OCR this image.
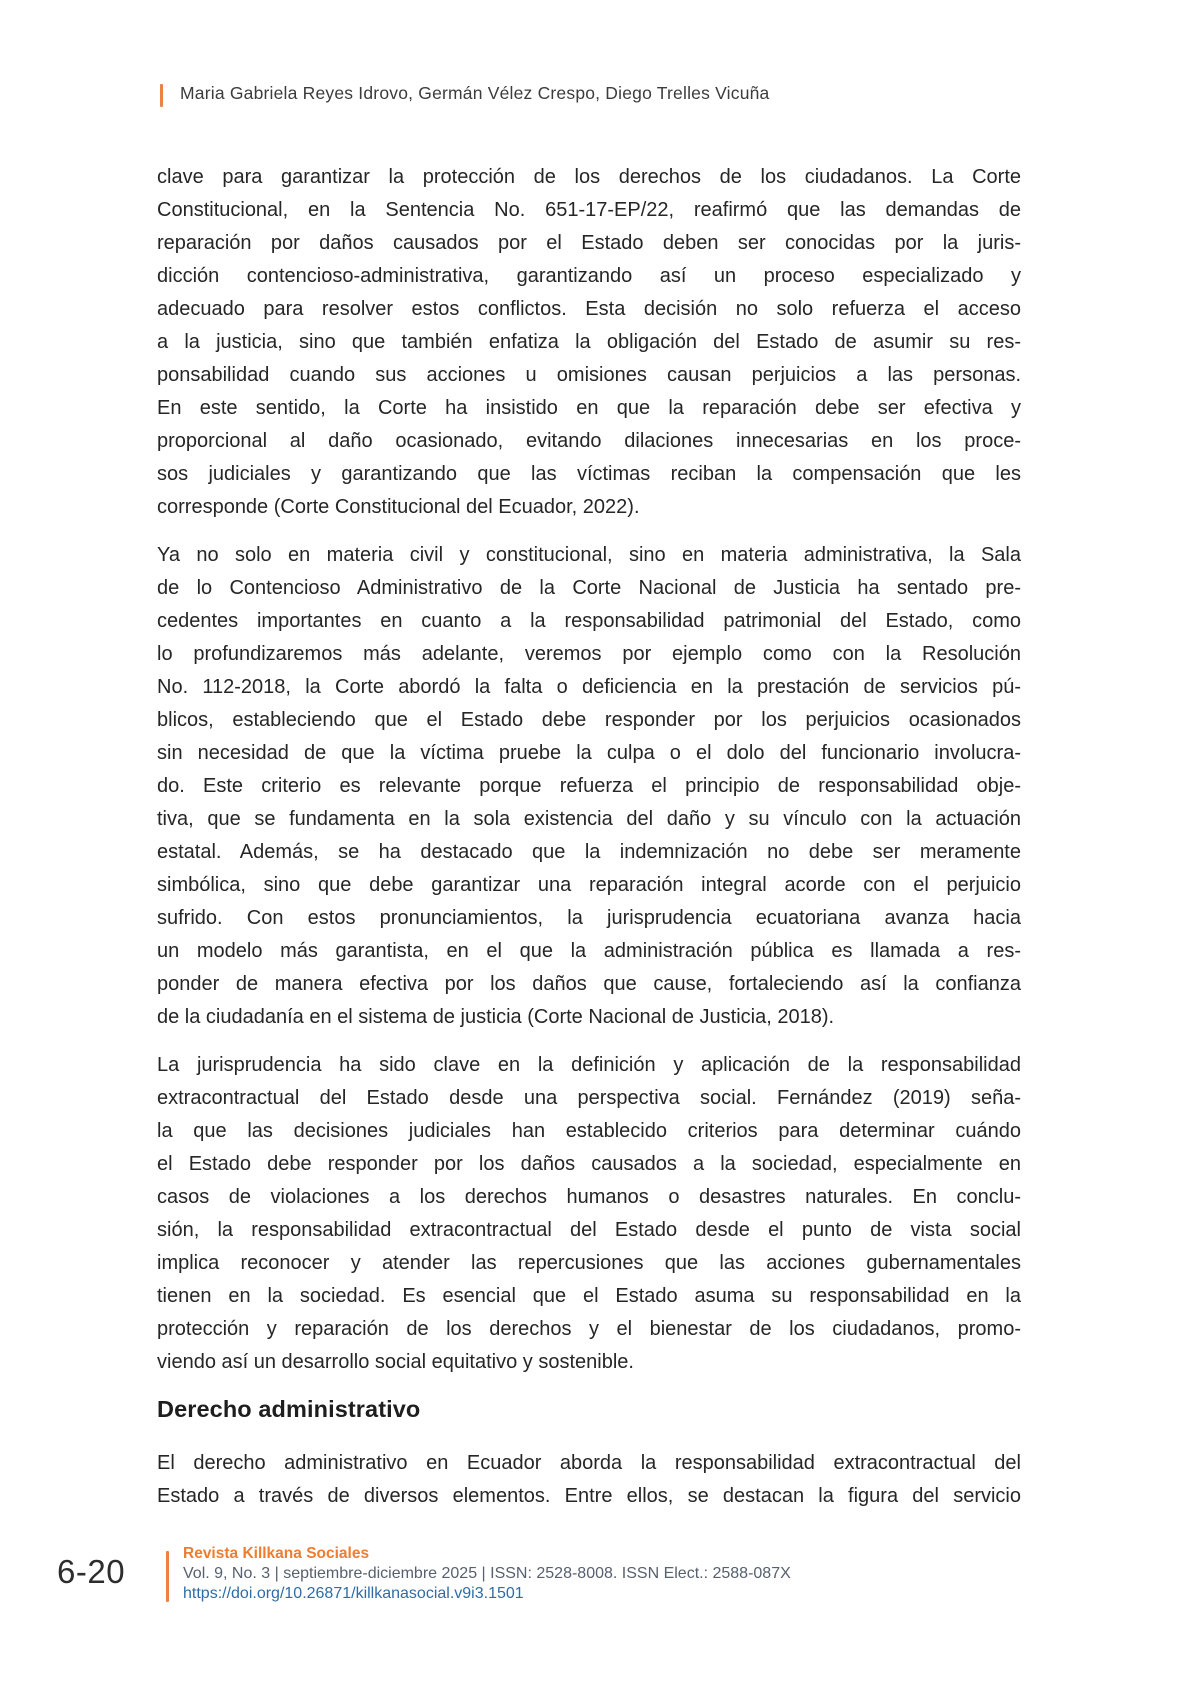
Maria Gabriela Reyes Idrovo, Germán Vélez Crespo, Diego Trelles Vicuña
clave para garantizar la protección de los derechos de los ciudadanos. La Corte
Constitucional, en la Sentencia No. 651-17-EP/22, reafirmó que las demandas de
reparación por daños causados por el Estado deben ser conocidas por la juris-
dicción contencioso-administrativa, garantizando así un proceso especializado y
adecuado para resolver estos conflictos. Esta decisión no solo refuerza el acceso
a la justicia, sino que también enfatiza la obligación del Estado de asumir su res-
ponsabilidad cuando sus acciones u omisiones causan perjuicios a las personas.
En este sentido, la Corte ha insistido en que la reparación debe ser efectiva y
proporcional al daño ocasionado, evitando dilaciones innecesarias en los proce-
sos judiciales y garantizando que las víctimas reciban la compensación que les
corresponde (Corte Constitucional del Ecuador, 2022).
Ya no solo en materia civil y constitucional, sino en materia administrativa, la Sala
de lo Contencioso Administrativo de la Corte Nacional de Justicia ha sentado pre-
cedentes importantes en cuanto a la responsabilidad patrimonial del Estado, como
lo profundizaremos más adelante, veremos por ejemplo como con la Resolución
No. 112-2018, la Corte abordó la falta o deficiencia en la prestación de servicios pú-
blicos, estableciendo que el Estado debe responder por los perjuicios ocasionados
sin necesidad de que la víctima pruebe la culpa o el dolo del funcionario involucra-
do. Este criterio es relevante porque refuerza el principio de responsabilidad obje-
tiva, que se fundamenta en la sola existencia del daño y su vínculo con la actuación
estatal. Además, se ha destacado que la indemnización no debe ser meramente
simbólica, sino que debe garantizar una reparación integral acorde con el perjuicio
sufrido. Con estos pronunciamientos, la jurisprudencia ecuatoriana avanza hacia
un modelo más garantista, en el que la administración pública es llamada a res-
ponder de manera efectiva por los daños que cause, fortaleciendo así la confianza
de la ciudadanía en el sistema de justicia (Corte Nacional de Justicia, 2018).
La jurisprudencia ha sido clave en la definición y aplicación de la responsabilidad
extracontractual del Estado desde una perspectiva social. Fernández (2019) seña-
la que las decisiones judiciales han establecido criterios para determinar cuándo
el Estado debe responder por los daños causados a la sociedad, especialmente en
casos de violaciones a los derechos humanos o desastres naturales. En conclu-
sión, la responsabilidad extracontractual del Estado desde el punto de vista social
implica reconocer y atender las repercusiones que las acciones gubernamentales
tienen en la sociedad. Es esencial que el Estado asuma su responsabilidad en la
protección y reparación de los derechos y el bienestar de los ciudadanos, promo-
viendo así un desarrollo social equitativo y sostenible.
Derecho administrativo
El derecho administrativo en Ecuador aborda la responsabilidad extracontractual del
Estado a través de diversos elementos. Entre ellos, se destacan la figura del servicio
6-20	Revista Killkana Sociales
Vol. 9, No. 3 | septiembre-diciembre 2025 | ISSN: 2528-8008. ISSN Elect.: 2588-087X
https://doi.org/10.26871/killkanasocial.v9i3.1501
